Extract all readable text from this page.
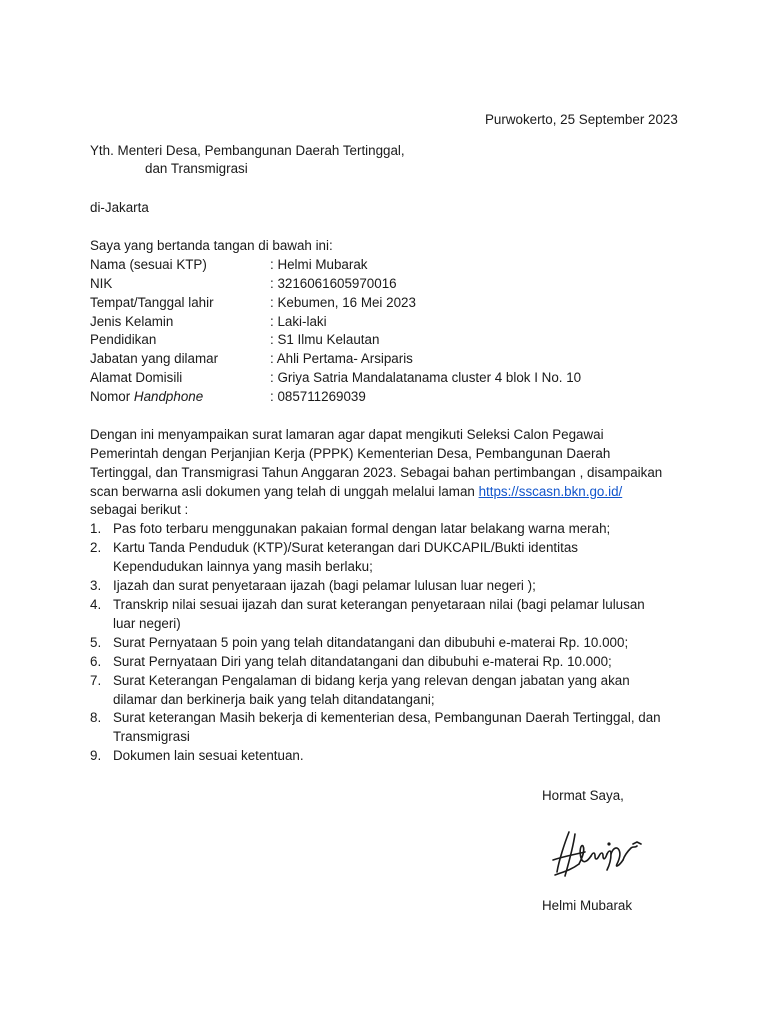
Purwokerto, 25 September 2023
Yth. Menteri Desa, Pembangunan Daerah Tertinggal,
dan Transmigrasi
di-Jakarta
Saya yang bertanda tangan di bawah ini:
Nama (sesuai KTP)	: Helmi Mubarak
NIK	: 3216061605970016
Tempat/Tanggal lahir	: Kebumen, 16 Mei 2023
Jenis Kelamin	: Laki-laki
Pendidikan	: S1 Ilmu Kelautan
Jabatan yang dilamar	: Ahli Pertama- Arsiparis
Alamat Domisili	: Griya Satria Mandalatanama cluster 4 blok I No. 10
Nomor Handphone	: 085711269039
Dengan ini menyampaikan surat lamaran agar dapat mengikuti Seleksi Calon Pegawai
Pemerintah dengan Perjanjian Kerja (PPPK) Kementerian Desa, Pembangunan Daerah
Tertinggal, dan Transmigrasi Tahun Anggaran 2023. Sebagai bahan pertimbangan , disampaikan
scan berwarna asli dokumen yang telah di unggah melalui laman https://sscasn.bkn.go.id/
sebagai berikut :
1. Pas foto terbaru menggunakan pakaian formal dengan latar belakang warna merah;
2. Kartu Tanda Penduduk (KTP)/Surat keterangan dari DUKCAPIL/Bukti identitas
Kependudukan lainnya yang masih berlaku;
3. Ijazah dan surat penyetaraan ijazah (bagi pelamar lulusan luar negeri );
4. Transkrip nilai sesuai ijazah dan surat keterangan penyetaraan nilai (bagi pelamar lulusan
luar negeri)
5. Surat Pernyataan 5 poin yang telah ditandatangani dan dibubuhi e-materai Rp. 10.000;
6. Surat Pernyataan Diri yang telah ditandatangani dan dibubuhi e-materai Rp. 10.000;
7. Surat Keterangan Pengalaman di bidang kerja yang relevan dengan jabatan yang akan
dilamar dan berkinerja baik yang telah ditandatangani;
8. Surat keterangan Masih bekerja di kementerian desa, Pembangunan Daerah Tertinggal, dan
Transmigrasi
9. Dokumen lain sesuai ketentuan.
Hormat Saya,
Helmi Mubarak
